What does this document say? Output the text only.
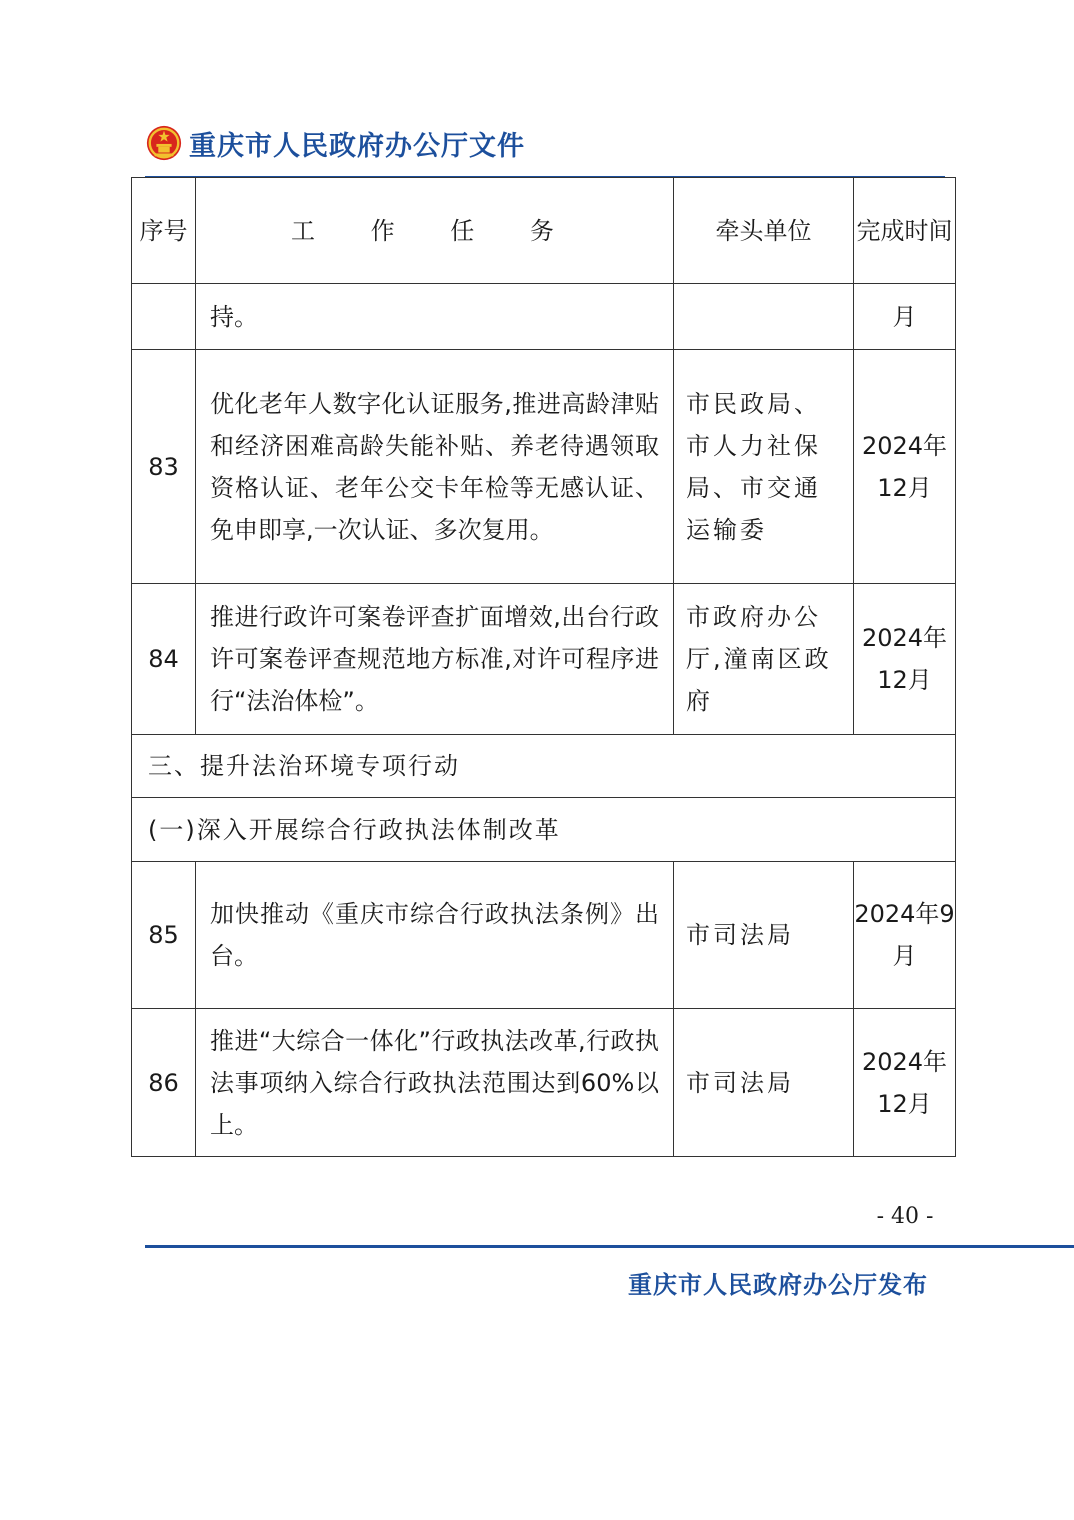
重庆市人民政府办公厅文件
序号	工 作 任 务	牵头单位	完成时间
	持。		月
83	优化老年人数字化认证服务,推进高龄津贴和经济困难高龄失能补贴、养老待遇领取资格认证、老年公交卡年检等无感认证、免申即享,一次认证、多次复用。	市民政局、市人力社保局、市交通运输委	2024年12月
84	推进行政许可案卷评查扩面增效,出台行政许可案卷评查规范地方标准,对许可程序进行“法治体检”。	市政府办公厅,潼南区政府	2024年12月
三、提升法治环境专项行动			
(一)深入开展综合行政执法体制改革			
85	加快推动《重庆市综合行政执法条例》出台。	市司法局	2024年9月
86	推进“大综合一体化”行政执法改革,行政执法事项纳入综合行政执法范围达到60%以上。	市司法局	2024年12月
- 40 -
重庆市人民政府办公厅发布
